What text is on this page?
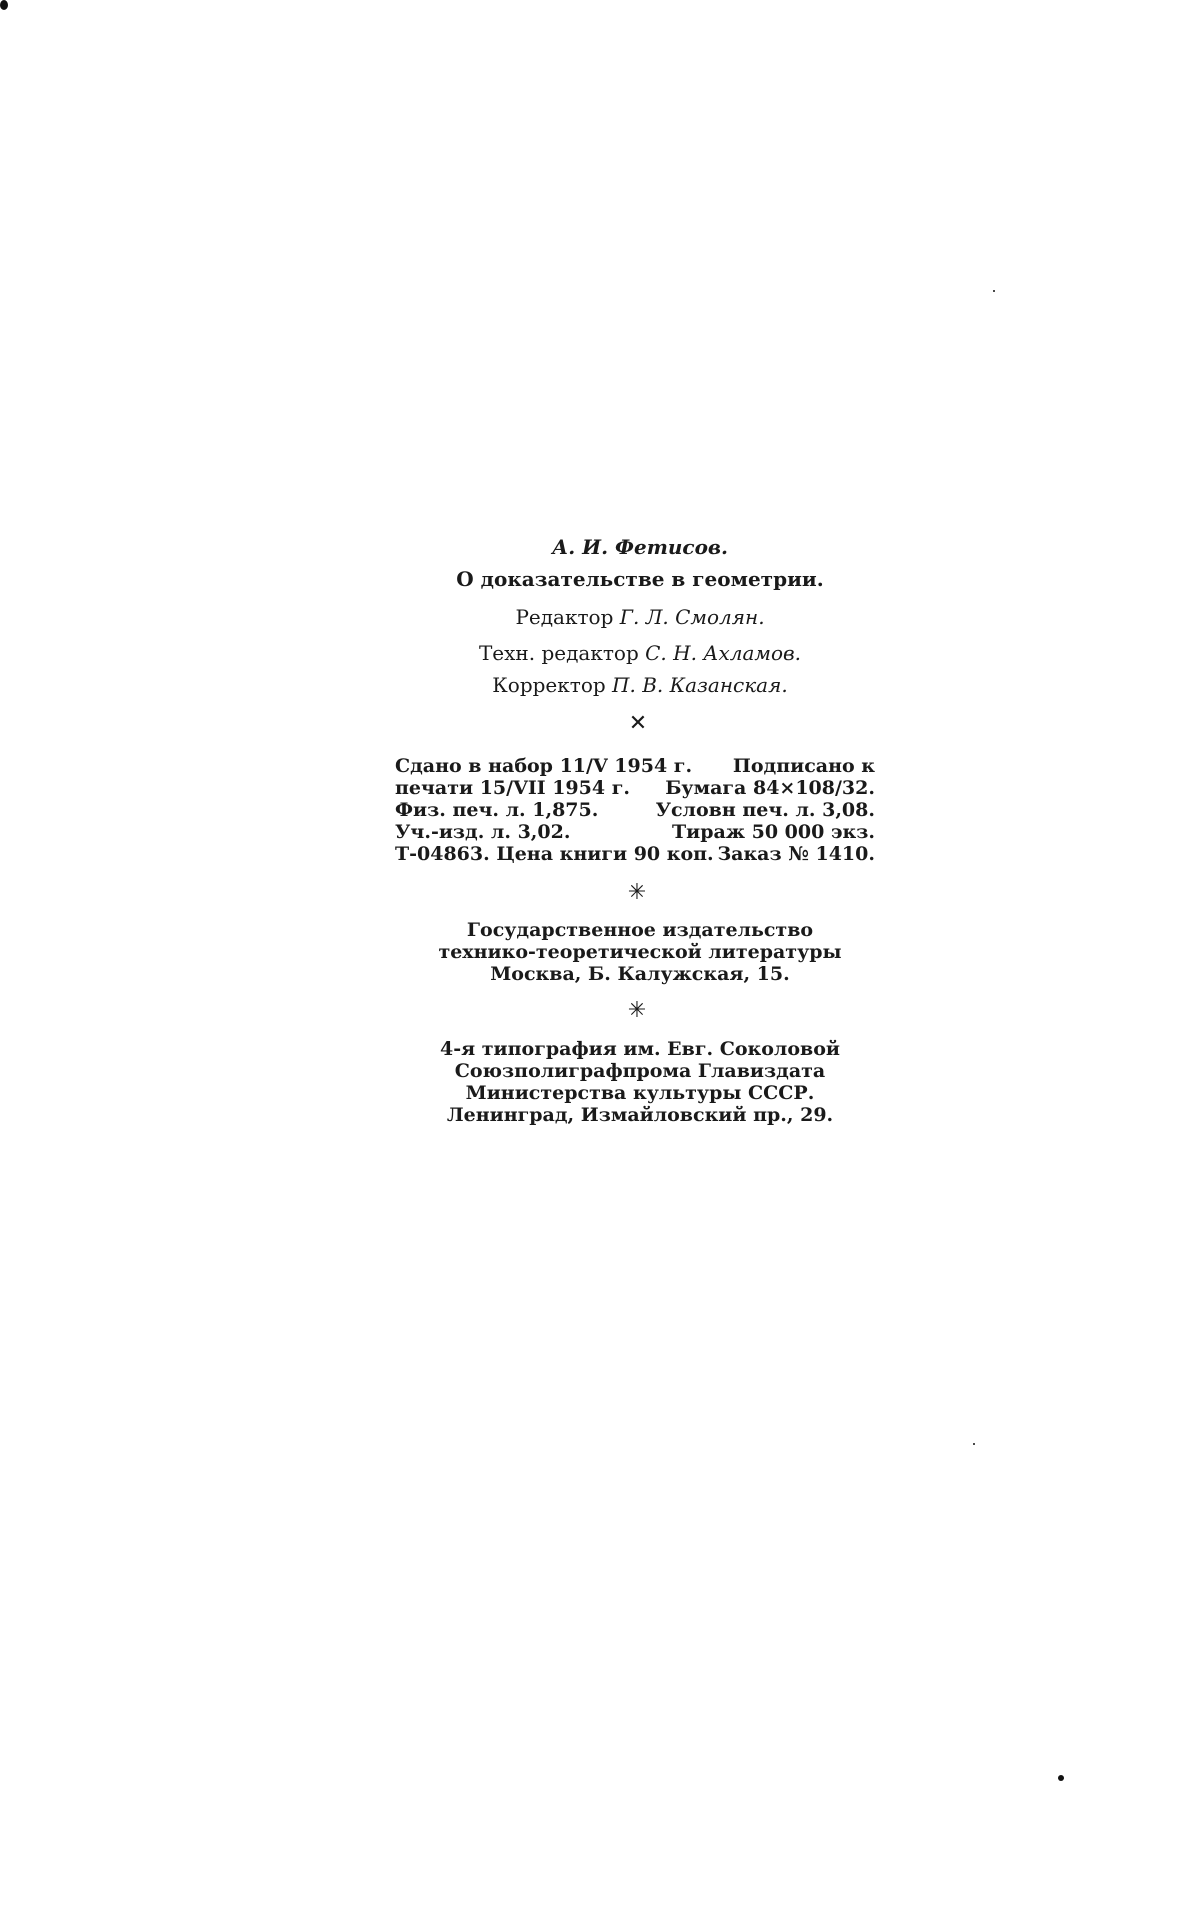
А. И. Фетисов.
О доказательстве в геометрии.
Редактор Г. Л. Смолян.
Техн. редактор С. Н. Ахламов.
Корректор П. В. Казанская.
✕
Сдано в набор 11/V 1954 г. Подписано к
печати 15/VII 1954 г. Бумага 84×108/32.
Физ. печ. л. 1,875.	Условн печ. л. 3,08.
Уч.-изд. л. 3,02.	Тираж 50 000 экз.
Т-04863. Цена книги 90 коп. Заказ № 1410.
✳
Государственное издательство
технико-теоретической литературы
Москва, Б. Калужская, 15.
✳
4-я типография им. Евг. Соколовой
Союзполиграфпрома Главиздата
Министерства культуры СССР.
Ленинград, Измайловский пр., 29.
